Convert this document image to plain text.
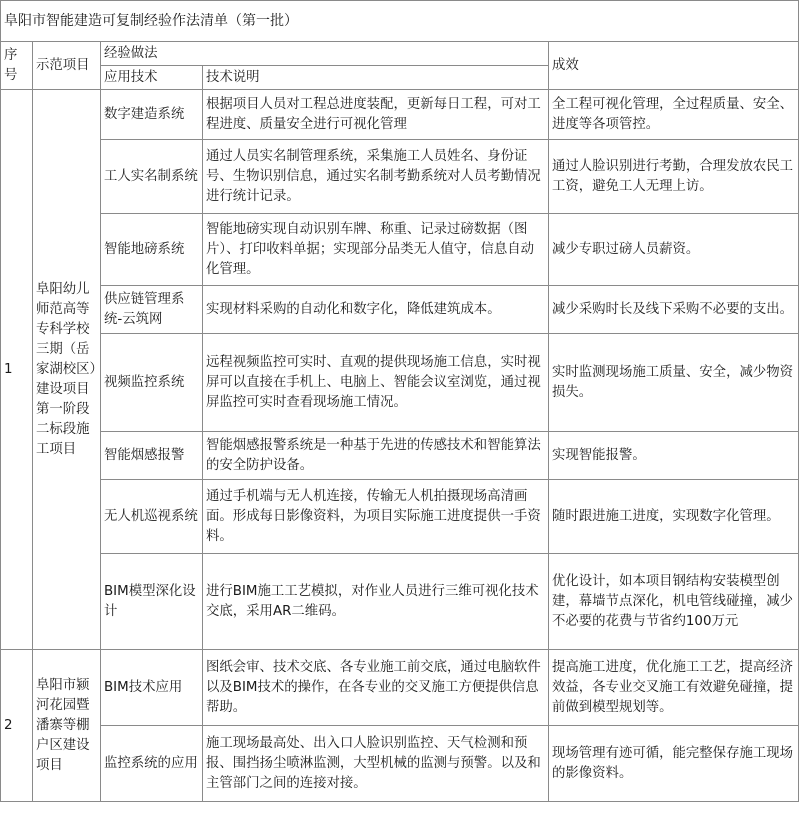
阜阳市智能建造可复制经验作法清单（第一批）				
序号	示范项目	经验做法		成效
		应用技术	技术说明	
1	阜阳幼儿师范高等专科学校三期（岳家湖校区）建设项目第一阶段二标段施工项目	数字建造系统	根据项目人员对工程总进度装配，更新每日工程，可对工程进度、质量安全进行可视化管理	全工程可视化管理，全过程质量、安全、进度等各项管控。
		工人实名制系统	通过人员实名制管理系统，采集施工人员姓名、身份证号、生物识别信息，通过实名制考勤系统对人员考勤情况进行统计记录。	通过人脸识别进行考勤，合理发放农民工工资，避免工人无理上访。
		智能地磅系统	智能地磅实现自动识别车牌、称重、记录过磅数据（图片）、打印收料单据；实现部分品类无人值守，信息自动化管理。	减少专职过磅人员薪资。
		供应链管理系统-云筑网	实现材料采购的自动化和数字化，降低建筑成本。	减少采购时长及线下采购不必要的支出。
		视频监控系统	远程视频监控可实时、直观的提供现场施工信息，实时视屏可以直接在手机上、电脑上、智能会议室浏览，通过视屏监控可实时查看现场施工情况。	实时监测现场施工质量、安全，减少物资损失。
		智能烟感报警	智能烟感报警系统是一种基于先进的传感技术和智能算法的安全防护设备。	实现智能报警。
		无人机巡视系统	通过手机端与无人机连接，传输无人机拍摄现场高清画面。形成每日影像资料，为项目实际施工进度提供一手资料。	随时跟进施工进度，实现数字化管理。
		BIM模型深化设计	进行BIM施工工艺模拟，对作业人员进行三维可视化技术交底，采用AR二维码。	优化设计，如本项目钢结构安装模型创建，幕墙节点深化，机电管线碰撞，减少不必要的花费与节省约100万元
2	阜阳市颍河花园暨潘寨等棚户区建设项目	BIM技术应用	图纸会审、技术交底、各专业施工前交底，通过电脑软件以及BIM技术的操作，在各专业的交叉施工方便提供信息帮助。	提高施工进度，优化施工工艺，提高经济效益，各专业交叉施工有效避免碰撞，提前做到模型规划等。
		监控系统的应用	施工现场最高处、出入口人脸识别监控、天气检测和预报、围挡扬尘喷淋监测，大型机械的监测与预警。以及和主管部门之间的连接对接。	现场管理有迹可循，能完整保存施工现场的影像资料。
